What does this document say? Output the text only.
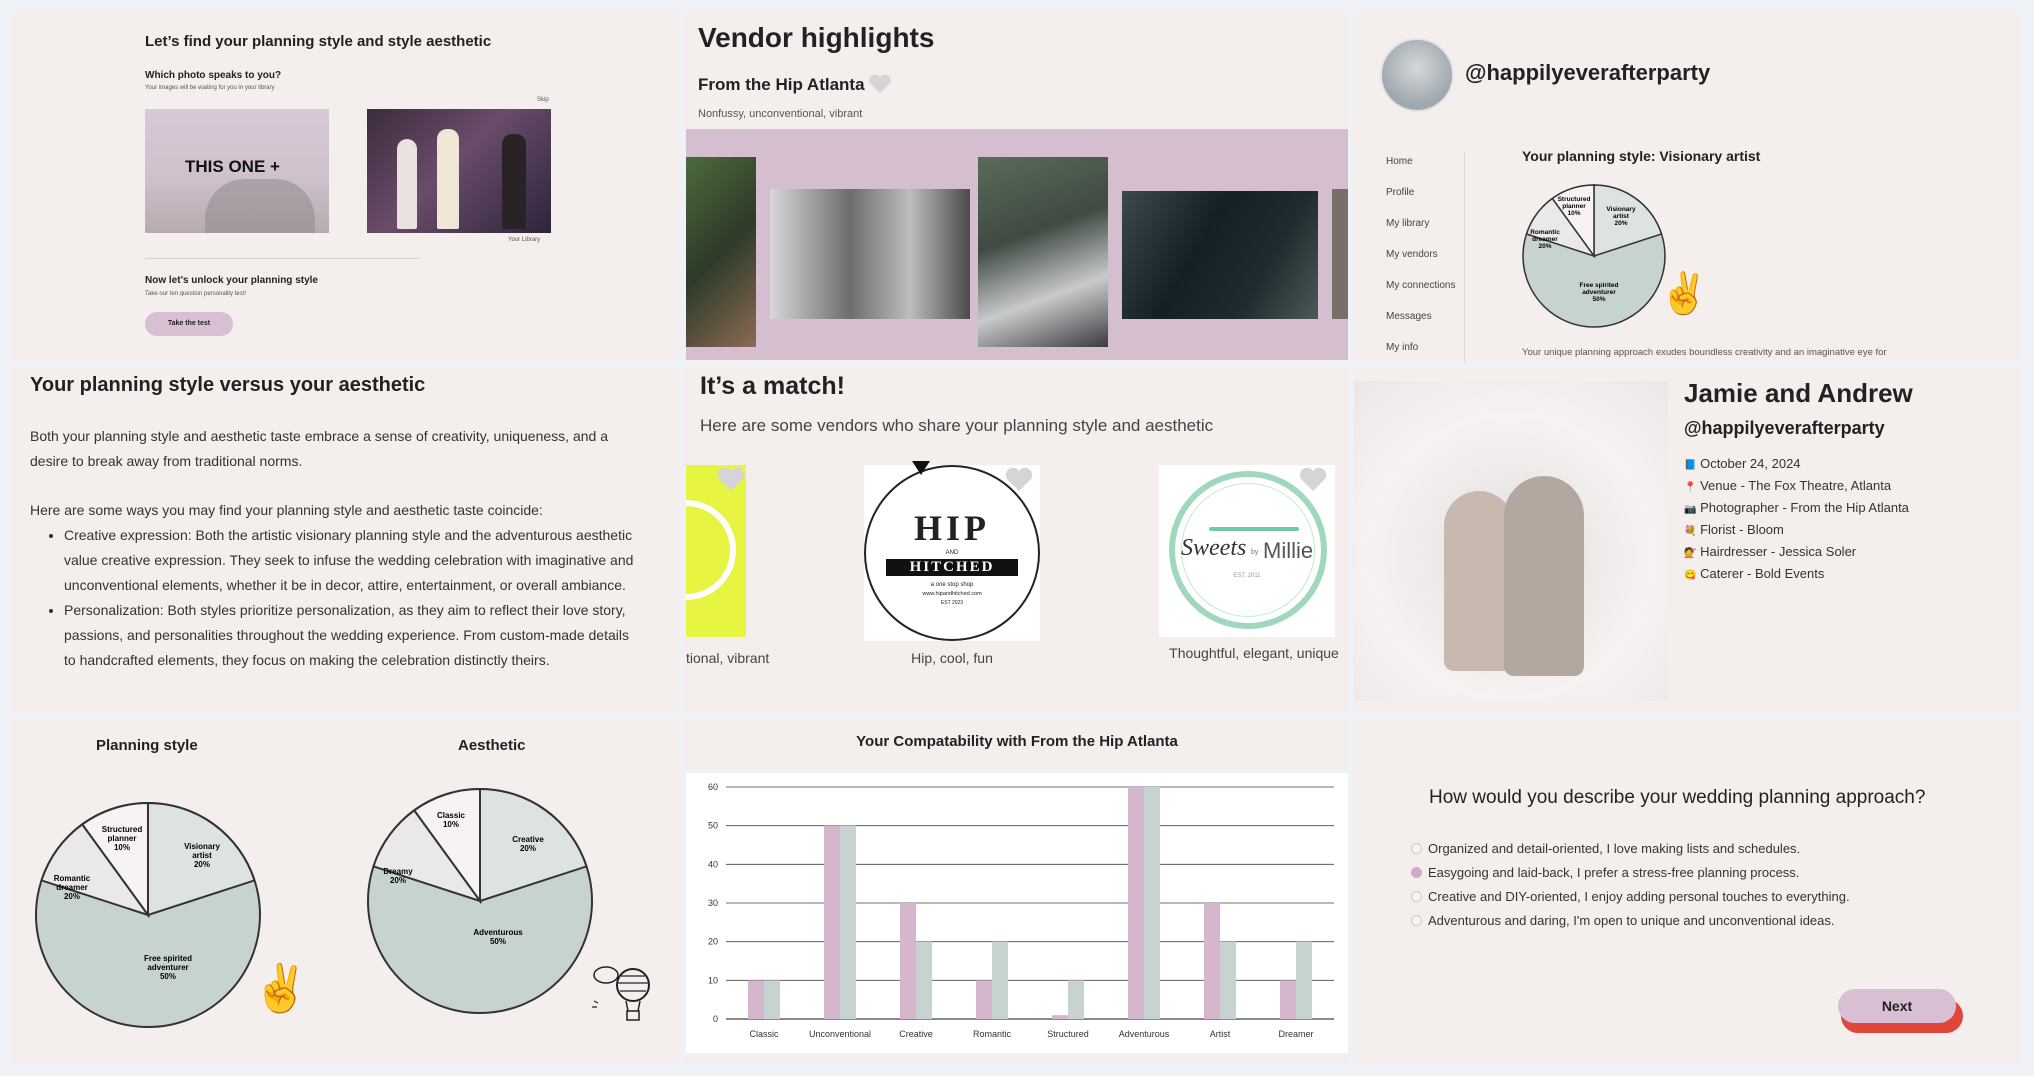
Let’s find your planning style and style aesthetic
Which photo speaks to you?
Your images will be waiting for you in your library
Skip
THIS ONE +
Your Library
Now let’s unlock your planning style
Take our ten question personality test!
Take the test
Vendor highlights
From the Hip Atlanta
Nonfussy, unconventional, vibrant
@happilyeverafterparty
Home
Profile
My library
My vendors
My connections
Messages
My info
Your planning style: Visionary artist
Structured planner 10%
Visionary artist 20%
Romantic dreamer 20%
Free spirited adventurer 50%	✌
Your unique planning approach exudes boundless creativity and an imaginative eye for
Your planning style versus your aesthetic
Both your planning style and aesthetic taste embrace a sense of creativity, uniqueness, and a desire to break away from traditional norms.
Here are some ways you may find your planning style and aesthetic taste coincide:
• Creative expression: Both the artistic visionary planning style and the adventurous aesthetic value creative expression. They seek to infuse the wedding celebration with imaginative and unconventional elements, whether it be in decor, attire, entertainment, or overall ambiance.
• Personalization: Both styles prioritize personalization, as they aim to reflect their love story, passions, and personalities throughout the wedding experience. From custom-made details to handcrafted elements, they focus on making the celebration distinctly theirs.
It’s a match!
Here are some vendors who share your planning style and aesthetic
tional, vibrant
HIP
AND
HITCHED
a one stop shop
www.hipandhitched.com
EST 2023
Hip, cool, fun
Sweets by Millie
EST. 2011
Thoughtful, elegant, unique
Jamie and Andrew
@happilyeverafterparty
📘 October 24, 2024
📍 Venue - The Fox Theatre, Atlanta
📷 Photographer - From the Hip Atlanta
💐 Florist - Bloom
💇 Hairdresser - Jessica Soler
😋 Caterer - Bold Events
Planning style	Aesthetic
Structured planner 10%	Visionary artist 20%
Romantic dreamer 20%
Free spirited adventurer 50%	✌
Classic 10%
Creative 20%
Dreamy 20%
Adventurous 50%
Your Compatability with From the Hip Atlanta
0
10
20
30
40
50
60
Classic	Unconventional	Creative	Romantic	Structured	Adventurous	Artist	Dreamer
How would you describe your wedding planning approach?
Organized and detail-oriented, I love making lists and schedules.
Easygoing and laid-back, I prefer a stress-free planning process.
Creative and DIY-oriented, I enjoy adding personal touches to everything.
Adventurous and daring, I'm open to unique and unconventional ideas.
Next
